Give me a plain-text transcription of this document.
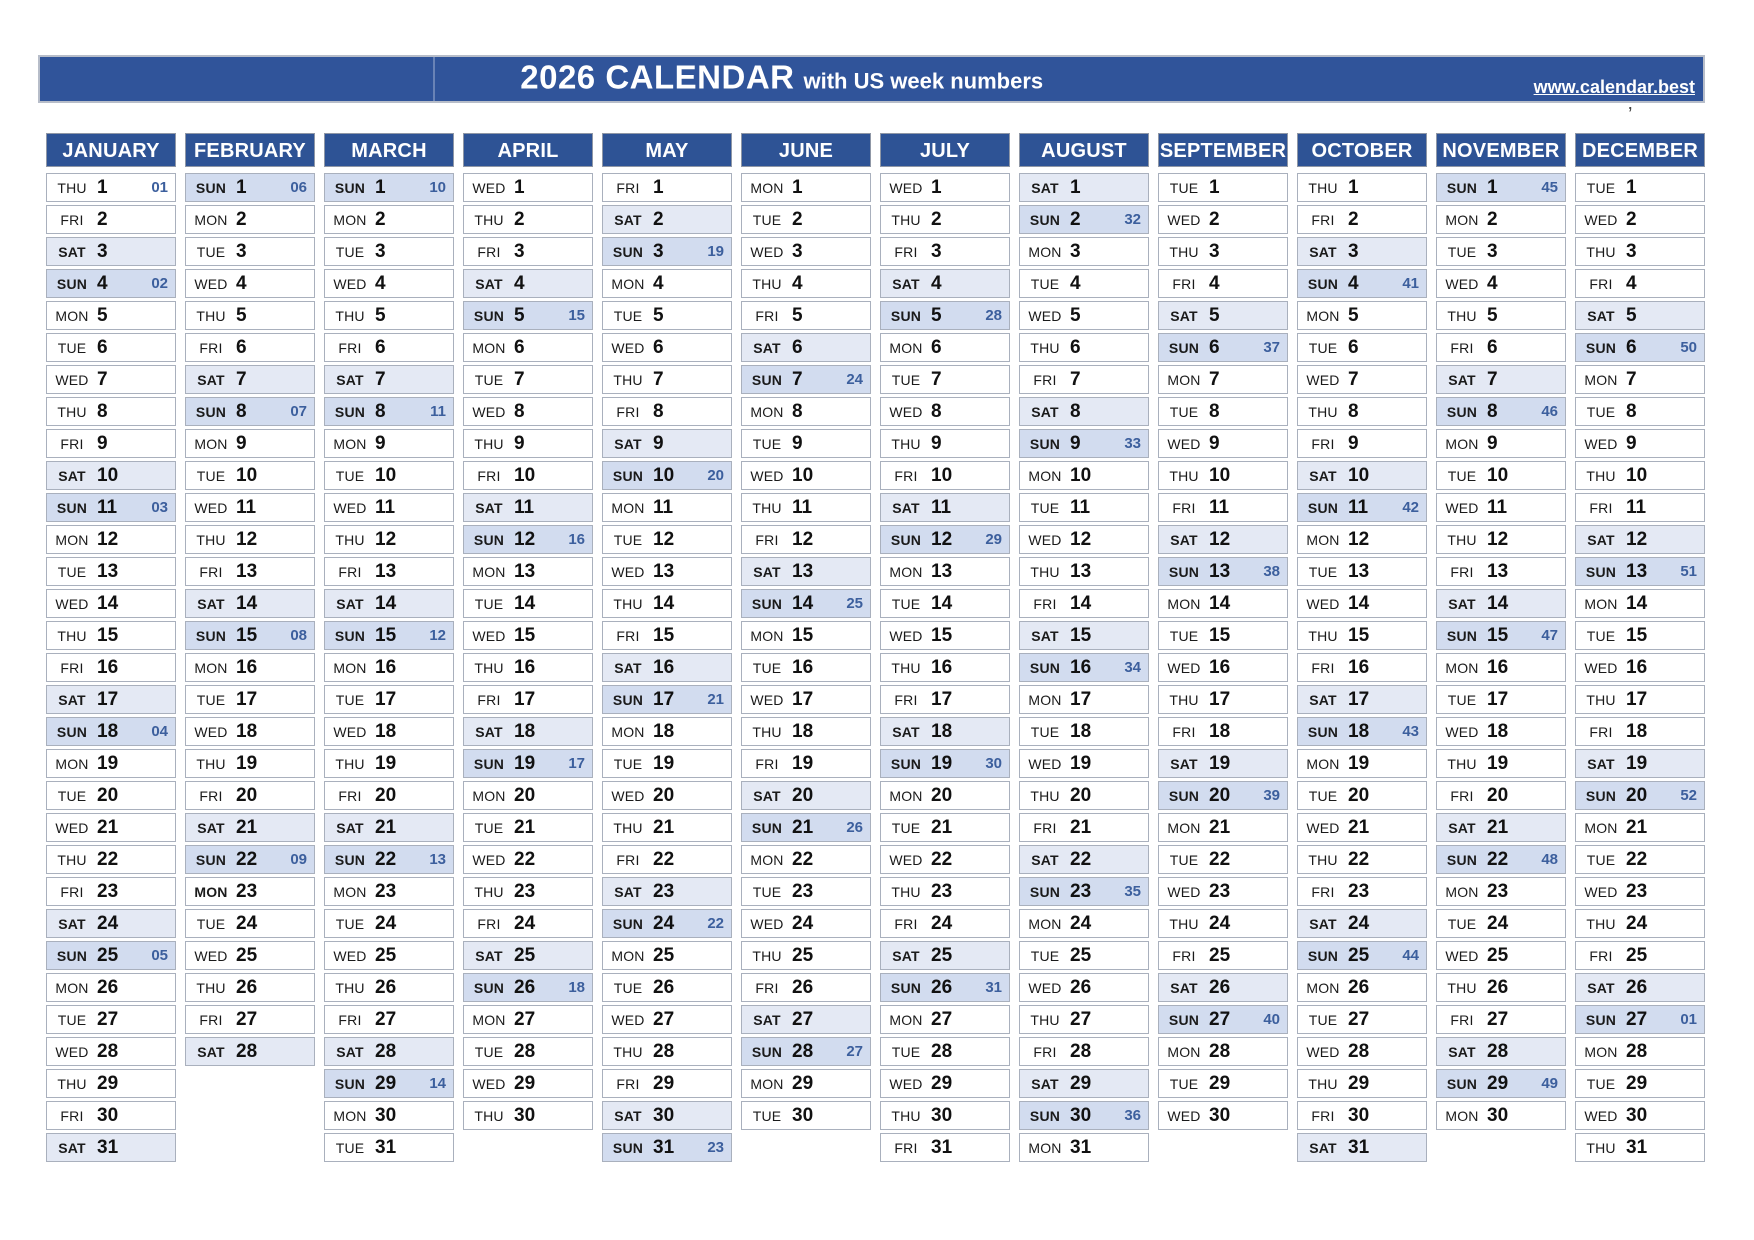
2026 CALENDAR with US week numbers	www.calendar.best
’
JANUARY
THU 1	01
FRI 2
SAT 3
SUN 4	02
MON 5
TUE 6
WED 7
THU 8
FRI 9
SAT 10
SUN 11 03
MON 12
TUE 13
WED 14
THU 15
FRI 16
SAT 17
SUN 18 04
MON 19
TUE 20
WED 21
THU 22
FRI 23
SAT 24
SUN 25 05
MON 26
TUE 27
WED 28
THU 29
FRI 30
SAT 31
FEBRUARY
SUN 1	06
MON 2
TUE 3
WED 4
THU 5
FRI 6
SAT 7
SUN 8	07
MON 9
TUE 10
WED 11
THU 12
FRI 13
SAT 14
SUN 15 08
MON 16
TUE 17
WED 18
THU 19
FRI 20
SAT 21
SUN 22 09
MON 23
TUE 24
WED 25
THU 26
FRI 27
SAT 28
MARCH
SUN 1	10
MON 2
TUE 3
WED 4
THU 5
FRI 6
SAT 7
SUN 8	11
MON 9
TUE 10
WED 11
THU 12
FRI 13
SAT 14
SUN 15 12
MON 16
TUE 17
WED 18
THU 19
FRI 20
SAT 21
SUN 22 13
MON 23
TUE 24
WED 25
THU 26
FRI 27
SAT 28
SUN 29 14
MON 30
TUE 31
APRIL
WED 1
THU 2
FRI 3
SAT 4
SUN 5	15
MON 6
TUE 7
WED 8
THU 9
FRI 10
SAT 11
SUN 12 16
MON 13
TUE 14
WED 15
THU 16
FRI 17
SAT 18
SUN 19 17
MON 20
TUE 21
WED 22
THU 23
FRI 24
SAT 25
SUN 26 18
MON 27
TUE 28
WED 29
THU 30
MAY
FRI 1
SAT 2
SUN 3	19
MON 4
TUE 5
WED 6
THU 7
FRI 8
SAT 9
SUN 10 20
MON 11
TUE 12
WED 13
THU 14
FRI 15
SAT 16
SUN 17 21
MON 18
TUE 19
WED 20
THU 21
FRI 22
SAT 23
SUN 24 22
MON 25
TUE 26
WED 27
THU 28
FRI 29
SAT 30
SUN 31 23
JUNE
MON 1
TUE 2
WED 3
THU 4
FRI 5
SAT 6
SUN 7	24
MON 8
TUE 9
WED 10
THU 11
FRI 12
SAT 13
SUN 14 25
MON 15
TUE 16
WED 17
THU 18
FRI 19
SAT 20
SUN 21 26
MON 22
TUE 23
WED 24
THU 25
FRI 26
SAT 27
SUN 28 27
MON 29
TUE 30
JULY
WED 1
THU 2
FRI 3
SAT 4
SUN 5	28
MON 6
TUE 7
WED 8
THU 9
FRI 10
SAT 11
SUN 12 29
MON 13
TUE 14
WED 15
THU 16
FRI 17
SAT 18
SUN 19 30
MON 20
TUE 21
WED 22
THU 23
FRI 24
SAT 25
SUN 26 31
MON 27
TUE 28
WED 29
THU 30
FRI 31
AUGUST
SAT 1
SUN 2	32
MON 3
TUE 4
WED 5
THU 6
FRI 7
SAT 8
SUN 9	33
MON 10
TUE 11
WED 12
THU 13
FRI 14
SAT 15
SUN 16 34
MON 17
TUE 18
WED 19
THU 20
FRI 21
SAT 22
SUN 23 35
MON 24
TUE 25
WED 26
THU 27
FRI 28
SAT 29
SUN 30 36
MON 31
SEPTEMBER
TUE 1
WED 2
THU 3
FRI 4
SAT 5
SUN 6	37
MON 7
TUE 8
WED 9
THU 10
FRI 11
SAT 12
SUN 13 38
MON 14
TUE 15
WED 16
THU 17
FRI 18
SAT 19
SUN 20 39
MON 21
TUE 22
WED 23
THU 24
FRI 25
SAT 26
SUN 27 40
MON 28
TUE 29
WED 30
OCTOBER
THU 1
FRI 2
SAT 3
SUN 4	41
MON 5
TUE 6
WED 7
THU 8
FRI 9
SAT 10
SUN 11 42
MON 12
TUE 13
WED 14
THU 15
FRI 16
SAT 17
SUN 18 43
MON 19
TUE 20
WED 21
THU 22
FRI 23
SAT 24
SUN 25 44
MON 26
TUE 27
WED 28
THU 29
FRI 30
SAT 31
NOVEMBER
SUN 1	45
MON 2
TUE 3
WED 4
THU 5
FRI 6
SAT 7
SUN 8	46
MON 9
TUE 10
WED 11
THU 12
FRI 13
SAT 14
SUN 15 47
MON 16
TUE 17
WED 18
THU 19
FRI 20
SAT 21
SUN 22 48
MON 23
TUE 24
WED 25
THU 26
FRI 27
SAT 28
SUN 29 49
MON 30
DECEMBER
TUE 1
WED 2
THU 3
FRI 4
SAT 5
SUN 6	50
MON 7
TUE 8
WED 9
THU 10
FRI 11
SAT 12
SUN 13 51
MON 14
TUE 15
WED 16
THU 17
FRI 18
SAT 19
SUN 20 52
MON 21
TUE 22
WED 23
THU 24
FRI 25
SAT 26
SUN 27 01
MON 28
TUE 29
WED 30
THU 31
